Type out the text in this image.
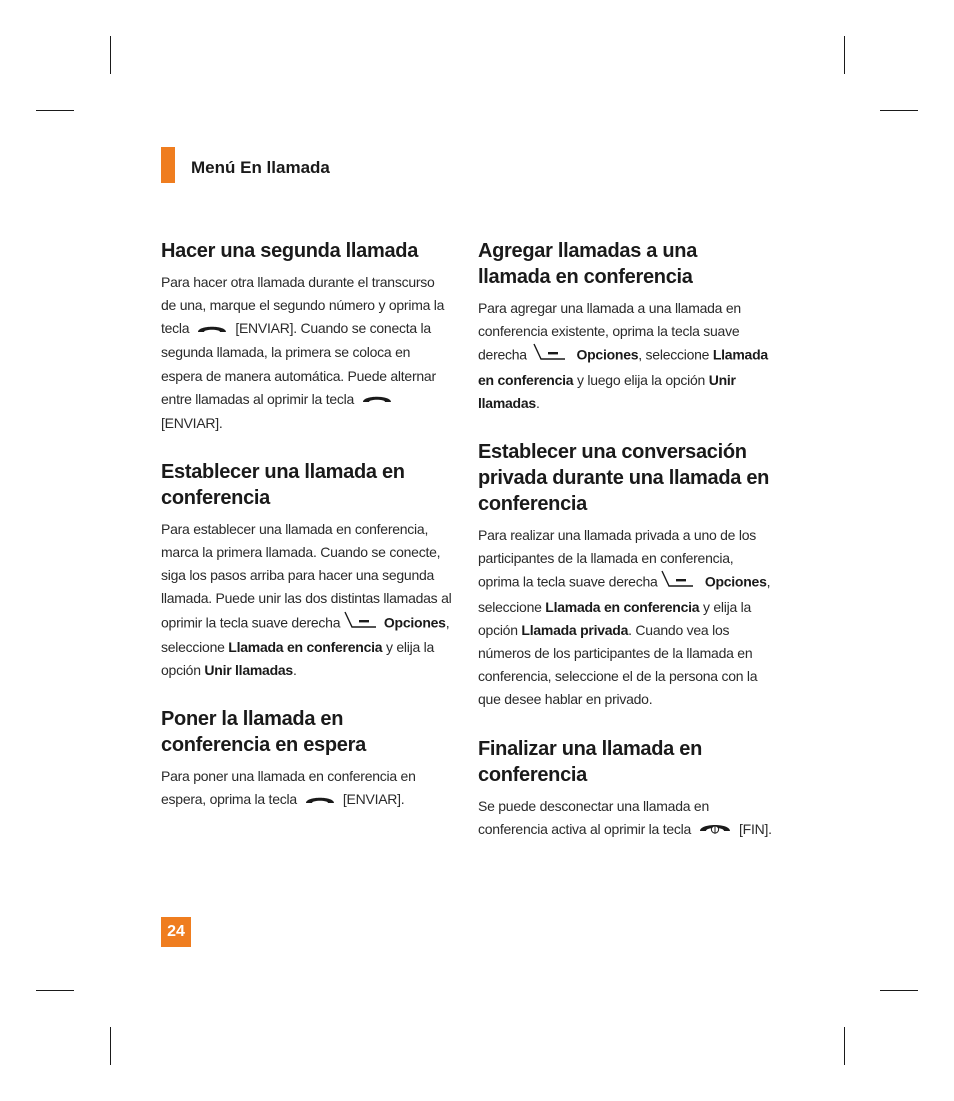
Menú En llamada
Hacer una segunda llamada

Para hacer otra llamada durante el transcurso de una, marque el segundo número y oprima la tecla	[ENVIAR]. Cuando se conecta la segunda llamada, la primera se coloca en espera de manera automática. Puede alternar entre llamadas al oprimir la tecla[ENVIAR].

Establecer una llamada en conferencia

Para establecer una llamada en conferencia, marca la primera llamada. Cuando se conecte, siga los pasos arriba para hacer una segunda llamada. Puede unir las dos distintas llamadas al oprimir la tecla suave derecha	Opciones, seleccione Llamada en conferencia y elija la opción Unir llamadas.

Poner la llamada en conferencia en espera

Para poner una llamada en conferencia en espera, oprima la tecla	[ENVIAR].

Agregar llamadas a una llamada en conferencia

Para agregar una llamada a una llamada en conferencia existente, oprima la tecla suave derecha	Opciones, seleccione Llamada en conferencia y luego elija la opción Unir llamadas.

Establecer una conversación privada durante una llamada en conferencia

Para realizar una llamada privada a uno de los participantes de la llamada en conferencia, oprima la tecla suave derecha	Opciones, seleccione Llamada en conferencia y elija la opción Llamada privada. Cuando vea los números de los participantes de la llamada en conferencia, seleccione el de la persona con la que desee hablar en privado.

Finalizar una llamada en conferencia

Se puede desconectar una llamada en conferencia activa al oprimir la tecla	[FIN].

24
